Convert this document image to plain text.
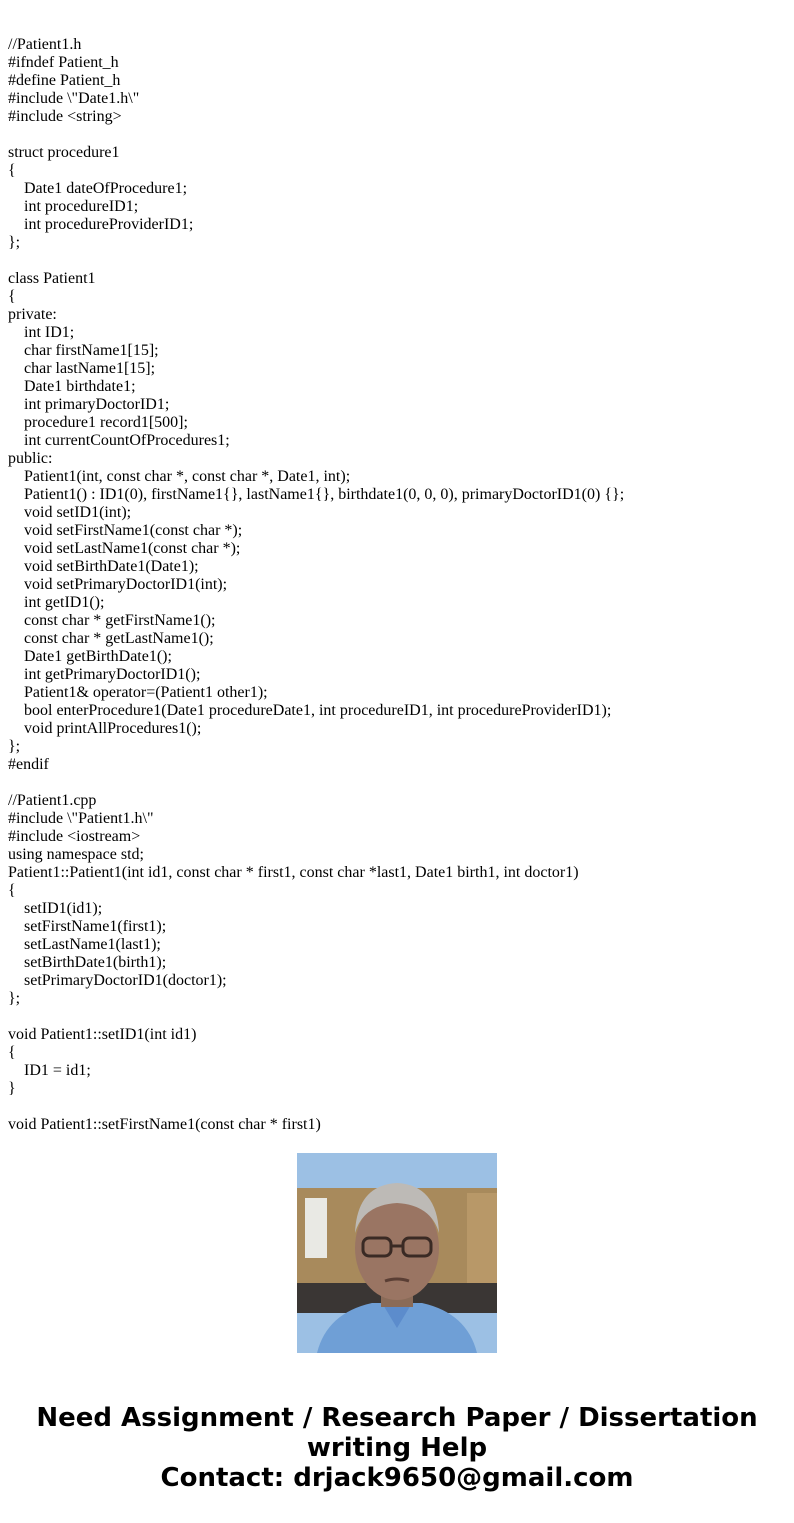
//Patient1.h
#ifndef Patient_h
#define Patient_h
#include \"Date1.h\"
#include <string>
struct procedure1
{
Date1 dateOfProcedure1;
int procedureID1;
int procedureProviderID1;
};
class Patient1
{
private:
int ID1;
char firstName1[15];
char lastName1[15];
Date1 birthdate1;
int primaryDoctorID1;
procedure1 record1[500];
int currentCountOfProcedures1;
public:
Patient1(int, const char *, const char *, Date1, int);
Patient1() : ID1(0), firstName1{}, lastName1{}, birthdate1(0, 0, 0), primaryDoctorID1(0) {};
void setID1(int);
void setFirstName1(const char *);
void setLastName1(const char *);
void setBirthDate1(Date1);
void setPrimaryDoctorID1(int);
int getID1();
const char * getFirstName1();
const char * getLastName1();
Date1 getBirthDate1();
int getPrimaryDoctorID1();
Patient1& operator=(Patient1 other1);
bool enterProcedure1(Date1 procedureDate1, int procedureID1, int procedureProviderID1);
void printAllProcedures1();
};
#endif
//Patient1.cpp
#include \"Patient1.h\"
#include <iostream>
using namespace std;
Patient1::Patient1(int id1, const char * first1, const char *last1, Date1 birth1, int doctor1)
{
setID1(id1);
setFirstName1(first1);
setLastName1(last1);
setBirthDate1(birth1);
setPrimaryDoctorID1(doctor1);
};
void Patient1::setID1(int id1)
{
ID1 = id1;
}
void Patient1::setFirstName1(const char * first1)
Need Assignment / Research Paper / Dissertation
writing Help
Contact: drjack9650@gmail.com
